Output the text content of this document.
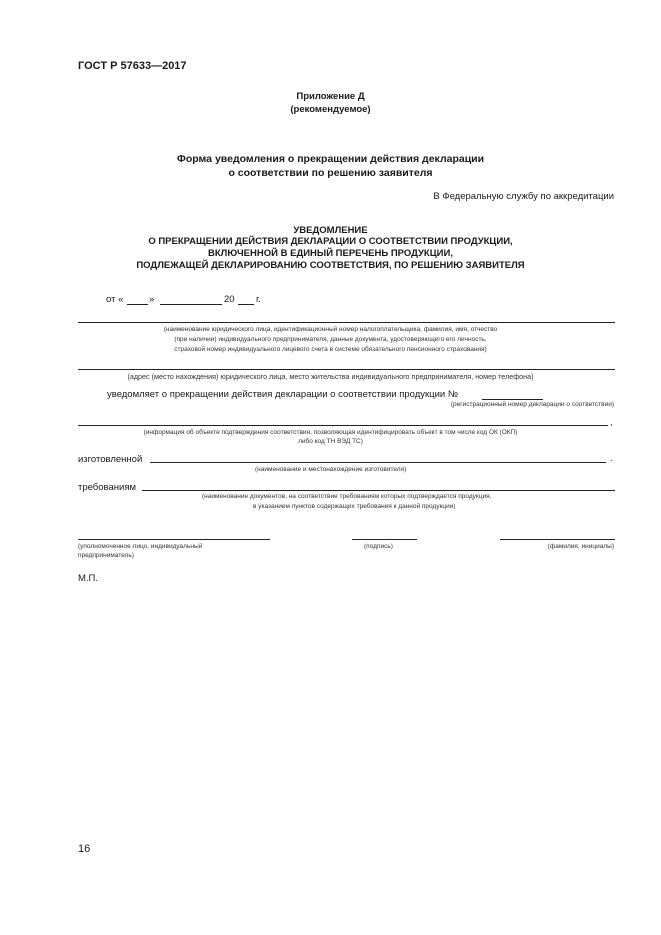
ГОСТ Р 57633—2017
Приложение Д
(рекомендуемое)
Форма уведомления о прекращении действия декларации
о соответствии по решению заявителя
В Федеральную службу по аккредитации
УВЕДОМЛЕНИЕ
О ПРЕКРАЩЕНИИ ДЕЙСТВИЯ ДЕКЛАРАЦИИ О СООТВЕТСТВИИ ПРОДУКЦИИ,
ВКЛЮЧЕННОЙ В ЕДИНЫЙ ПЕРЕЧЕНЬ ПРОДУКЦИИ,
ПОДЛЕЖАЩЕЙ ДЕКЛАРИРОВАНИЮ СООТВЕТСТВИЯ, ПО РЕШЕНИЮ ЗАЯВИТЕЛЯ
от «	»	20 г.
(наименование юридического лица, идентификационный номер налогоплательщика, фамилия, имя, отчество
(при наличии) индивидуального предпринимателя, данные документа, удостоверяющего его личность,
страховой номер индивидуального лицевого счета в системе обязательного пенсионного страхования)
(адрес (место нахождения) юридического лица, место жительства индивидуального предпринимателя, номер телефона)
уведомляет о прекращении действия декларации о соответствии продукции №
(регистрационный номер декларации о соответствии)
,
(информация об объекте подтверждения соответствия, позволяющая идентифицировать объект в том числе код ОК (ОКП)
либо код ТН ВЭД ТС)
изготовленной	.
(наименование и местонахождение изготовителя)
требованиям
(наименование документов, на соответствие требованиям которых подтверждается продукция,
в указанием пунктов содержащих требования к данной продукции)
(уполномоченное лицо, индивидуальный
предприниматель)
(подпись)	(фамилия, инициалы)
М.П.
16
